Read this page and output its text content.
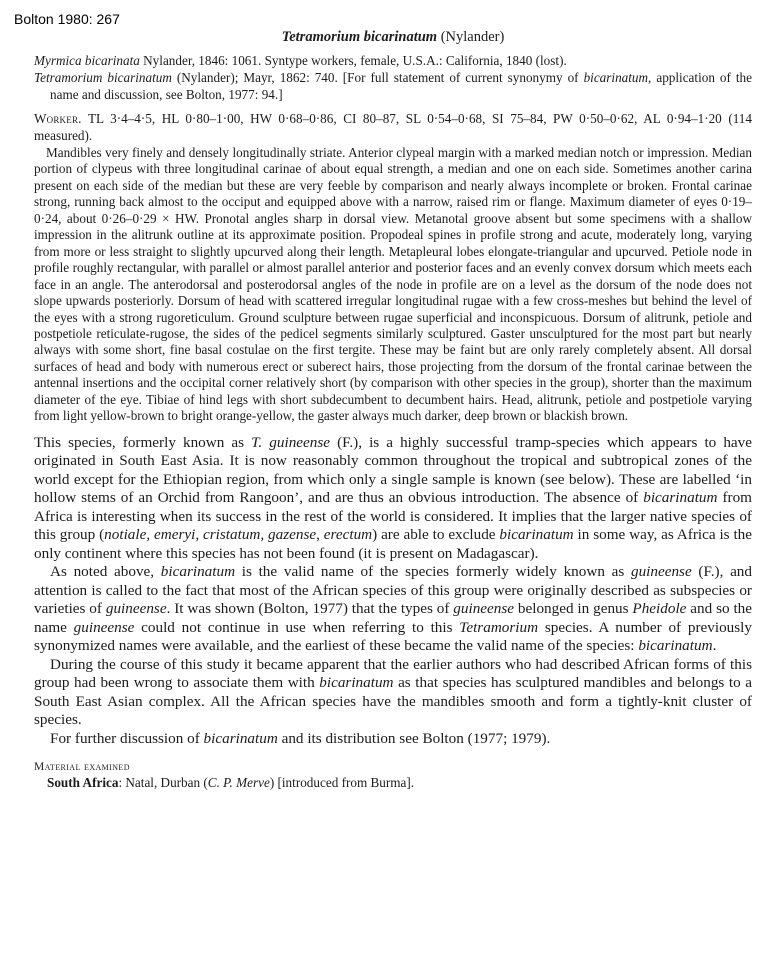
Bolton 1980: 267
Tetramorium bicarinatum (Nylander)

Myrmica bicarinata Nylander, 1846: 1061. Syntype workers, female, U.S.A.: California, 1840 (lost).

Tetramorium bicarinatum (Nylander); Mayr, 1862: 740. [For full statement of current synonymy of bicarinatum, application of the name and discussion, see Bolton, 1977: 94.]

Worker. TL 3·4–4·5, HL 0·80–1·00, HW 0·68–0·86, CI 80–87, SL 0·54–0·68, SI 75–84, PW 0·50–0·62, AL 0·94–1·20 (114 measured).

Mandibles very finely and densely longitudinally striate. Anterior clypeal margin with a marked median notch or impression. Median portion of clypeus with three longitudinal carinae of about equal strength, a median and one on each side. Sometimes another carina present on each side of the median but these are very feeble by comparison and nearly always incomplete or broken. Frontal carinae strong, running back almost to the occiput and equipped above with a narrow, raised rim or flange. Maximum diameter of eyes 0·19–0·24, about 0·26–0·29 × HW. Pronotal angles sharp in dorsal view. Metanotal groove absent but some specimens with a shallow impression in the alitrunk outline at its approximate position. Propodeal spines in profile strong and acute, moderately long, varying from more or less straight to slightly upcurved along their length. Metapleural lobes elongate-triangular and upcurved. Petiole node in profile roughly rectangular, with parallel or almost parallel anterior and posterior faces and an evenly convex dorsum which meets each face in an angle. The anterodorsal and posterodorsal angles of the node in profile are on a level as the dorsum of the node does not slope upwards posteriorly. Dorsum of head with scattered irregular longitudinal rugae with a few cross-meshes but behind the level of the eyes with a strong rugoreticulum. Ground sculpture between rugae superficial and inconspicuous. Dorsum of alitrunk, petiole and postpetiole reticulate-rugose, the sides of the pedicel segments similarly sculptured. Gaster unsculptured for the most part but nearly always with some short, fine basal costulae on the first tergite. These may be faint but are only rarely completely absent. All dorsal surfaces of head and body with numerous erect or suberect hairs, those projecting from the dorsum of the frontal carinae between the antennal insertions and the occipital corner relatively short (by comparison with other species in the group), shorter than the maximum diameter of the eye. Tibiae of hind legs with short subdecumbent to decumbent hairs. Head, alitrunk, petiole and postpetiole varying from light yellow-brown to bright orange-yellow, the gaster always much darker, deep brown or blackish brown.

This species, formerly known as T. guineense (F.), is a highly successful tramp-species which appears to have originated in South East Asia. It is now reasonably common throughout the tropical and subtropical zones of the world except for the Ethiopian region, from which only a single sample is known (see below). These are labelled ‘in hollow stems of an Orchid from Rangoon’, and are thus an obvious introduction. The absence of bicarinatum from Africa is interesting when its success in the rest of the world is considered. It implies that the larger native species of this group (notiale, emeryi, cristatum, gazense, erectum) are able to exclude bicarinatum in some way, as Africa is the only continent where this species has not been found (it is present on Madagascar).

As noted above, bicarinatum is the valid name of the species formerly widely known as guineense (F.), and attention is called to the fact that most of the African species of this group were originally described as subspecies or varieties of guineense. It was shown (Bolton, 1977) that the types of guineense belonged in genus Pheidole and so the name guineense could not continue in use when referring to this Tetramorium species. A number of previously synonymized names were available, and the earliest of these became the valid name of the species: bicarinatum.

During the course of this study it became apparent that the earlier authors who had described African forms of this group had been wrong to associate them with bicarinatum as that species has sculptured mandibles and belongs to a South East Asian complex. All the African species have the mandibles smooth and form a tightly-knit cluster of species.

For further discussion of bicarinatum and its distribution see Bolton (1977; 1979).

Material examined
South Africa: Natal, Durban (C. P. Merve) [introduced from Burma].
